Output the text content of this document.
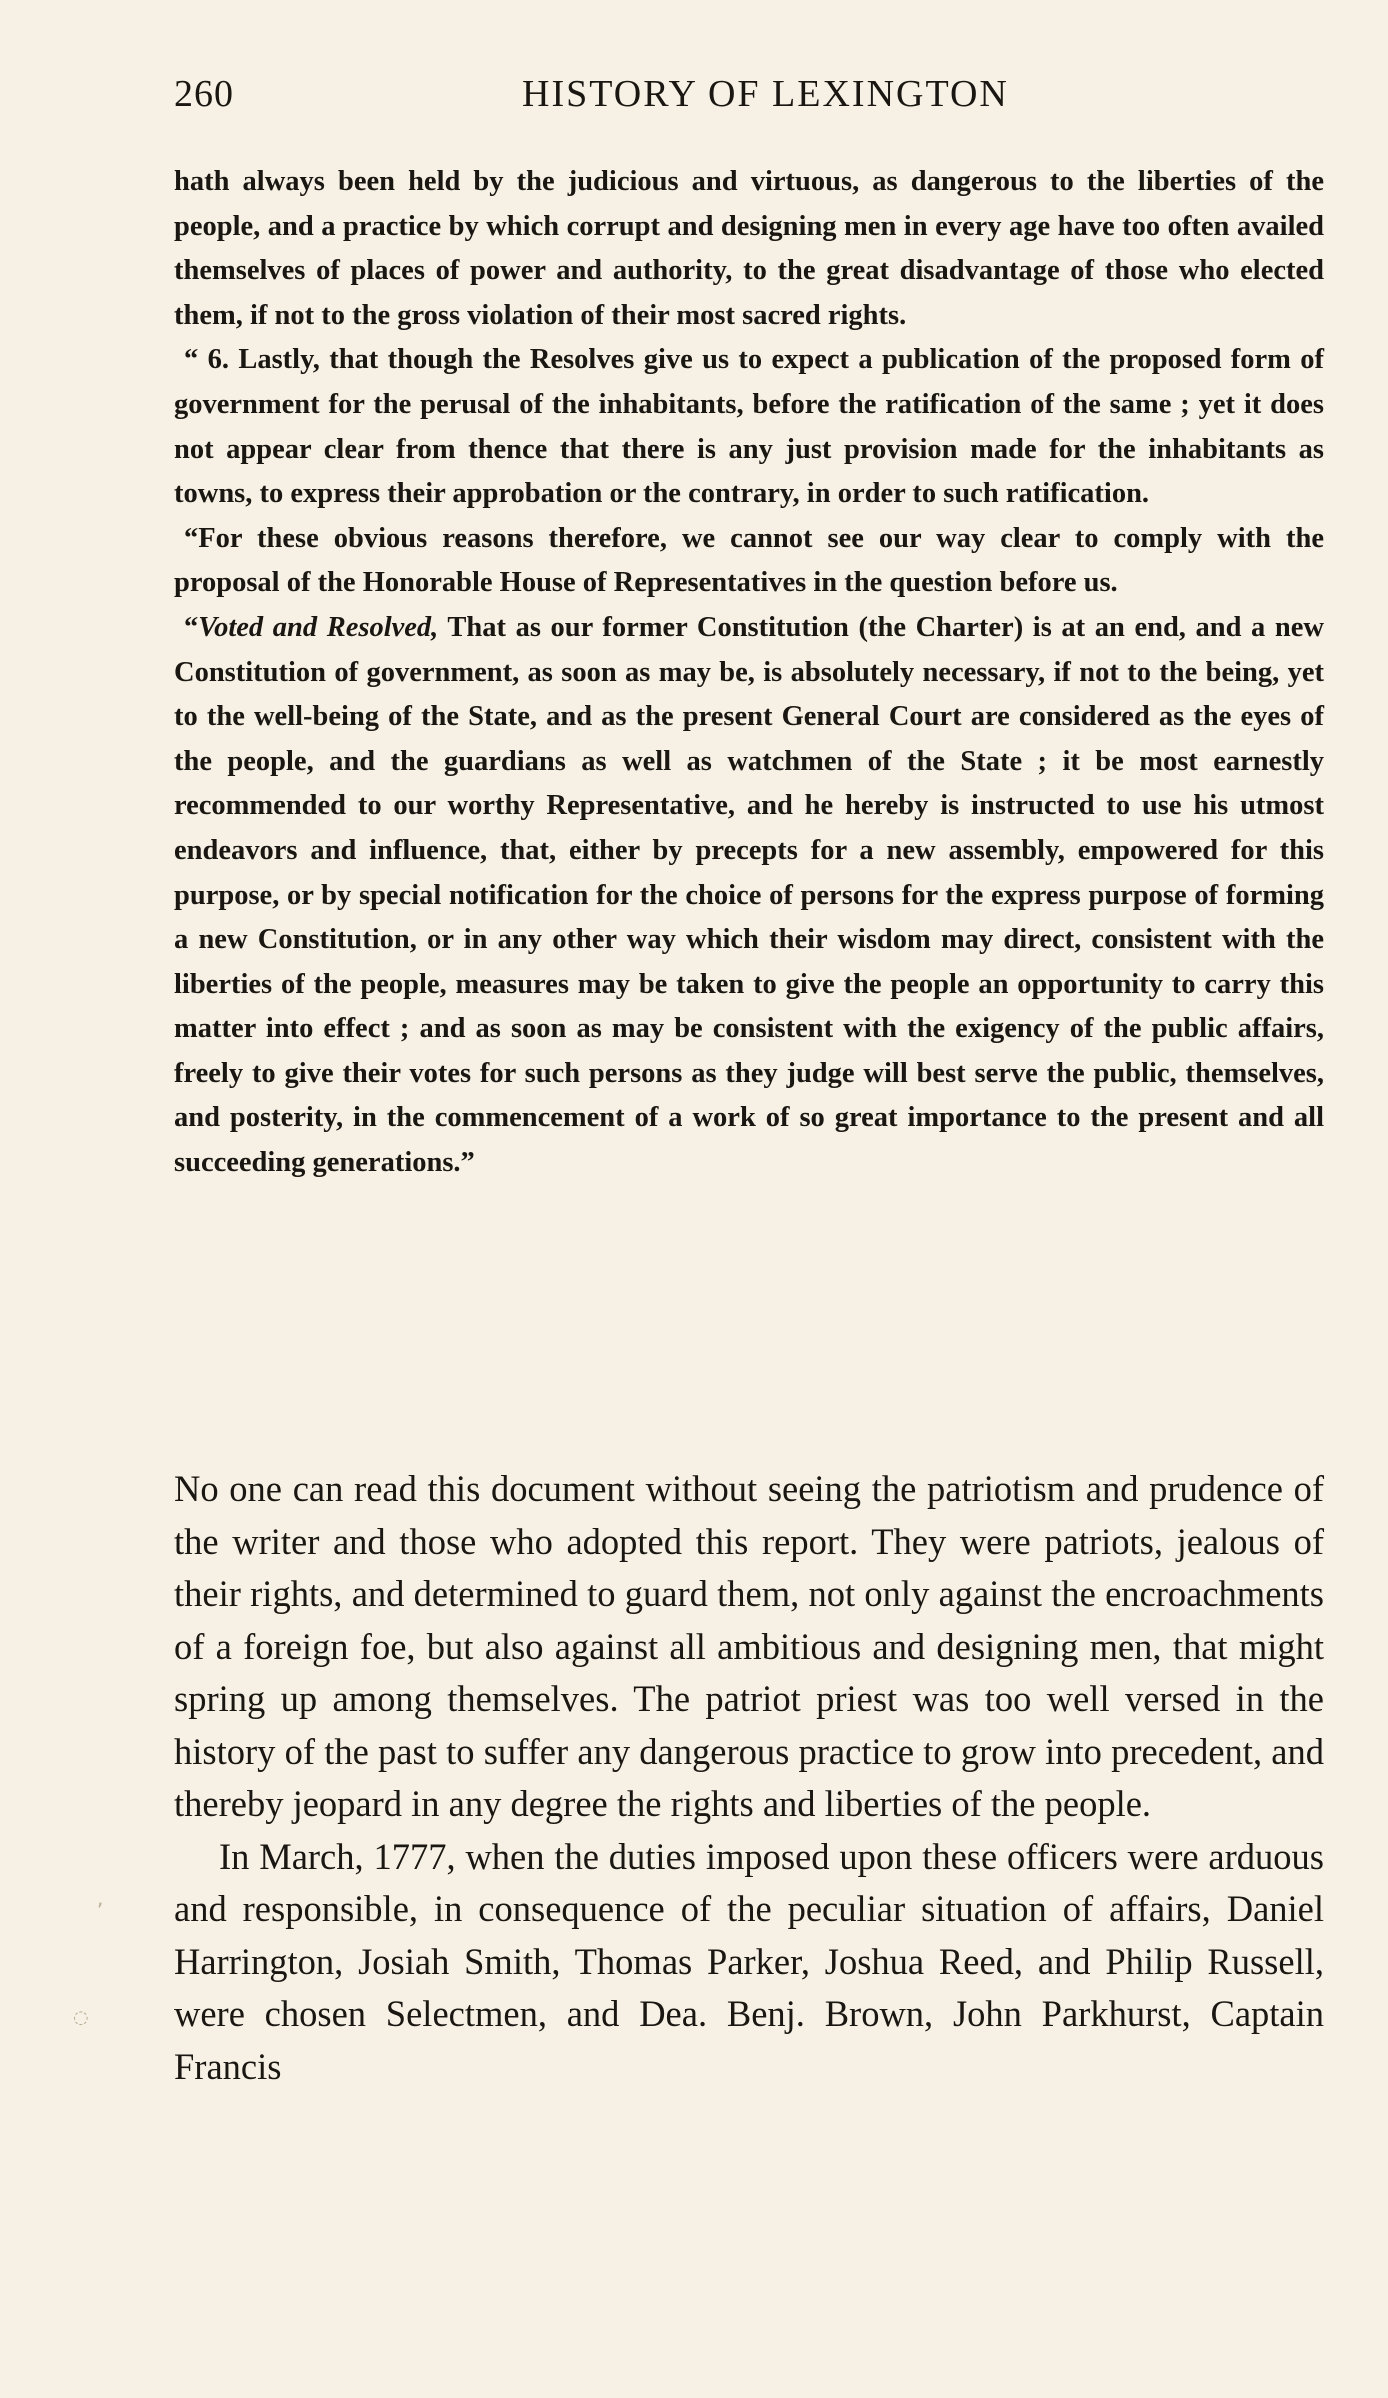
260	HISTORY OF LEXINGTON

hath always been held by the judicious and virtuous, as dangerous to the liberties of the people, and a practice by which corrupt and designing men in every age have too often availed themselves of places of power and authority, to the great disadvantage of those who elected them, if not to the gross violation of their most sacred rights.

“ 6. Lastly, that though the Resolves give us to expect a publication of the proposed form of government for the perusal of the inhabitants, before the ratification of the same ; yet it does not appear clear from thence that there is any just provision made for the inhabitants as towns, to express their approbation or the contrary, in order to such ratification.

“For these obvious reasons therefore, we cannot see our way clear to comply with the proposal of the Honorable House of Representatives in the question before us.

“Voted and Resolved, That as our former Constitution (the Charter) is at an end, and a new Constitution of government, as soon as may be, is absolutely necessary, if not to the being, yet to the well-being of the State, and as the present General Court are considered as the eyes of the people, and the guardians as well as watchmen of the State ; it be most earnestly recommended to our worthy Representative, and he hereby is instructed to use his utmost endeavors and influence, that, either by precepts for a new assembly, empowered for this purpose, or by special notification for the choice of persons for the express purpose of forming a new Constitution, or in any other way which their wisdom may direct, consistent with the liberties of the people, measures may be taken to give the people an opportunity to carry this matter into effect ; and as soon as may be consistent with the exigency of the public affairs, freely to give their votes for such persons as they judge will best serve the public, themselves, and posterity, in the commencement of a work of so great importance to the present and all succeeding generations.”

No one can read this document without seeing the patriotism and prudence of the writer and those who adopted this report. They were patriots, jealous of their rights, and determined to guard them, not only against the encroachments of a foreign foe, but also against all ambitious and designing men, that might spring up among themselves. The patriot priest was too well versed in the history of the past to suffer any dangerous practice to grow into precedent, and thereby jeopard in any degree the rights and liberties of the people.

In March, 1777, when the duties imposed upon these officers were arduous and responsible, in consequence of the peculiar situation of affairs, Daniel Harrington, Josiah Smith, Thomas Parker, Joshua Reed, and Philip Russell, were chosen Selectmen, and Dea. Benj. Brown, John Parkhurst, Captain Francis

,
◌
